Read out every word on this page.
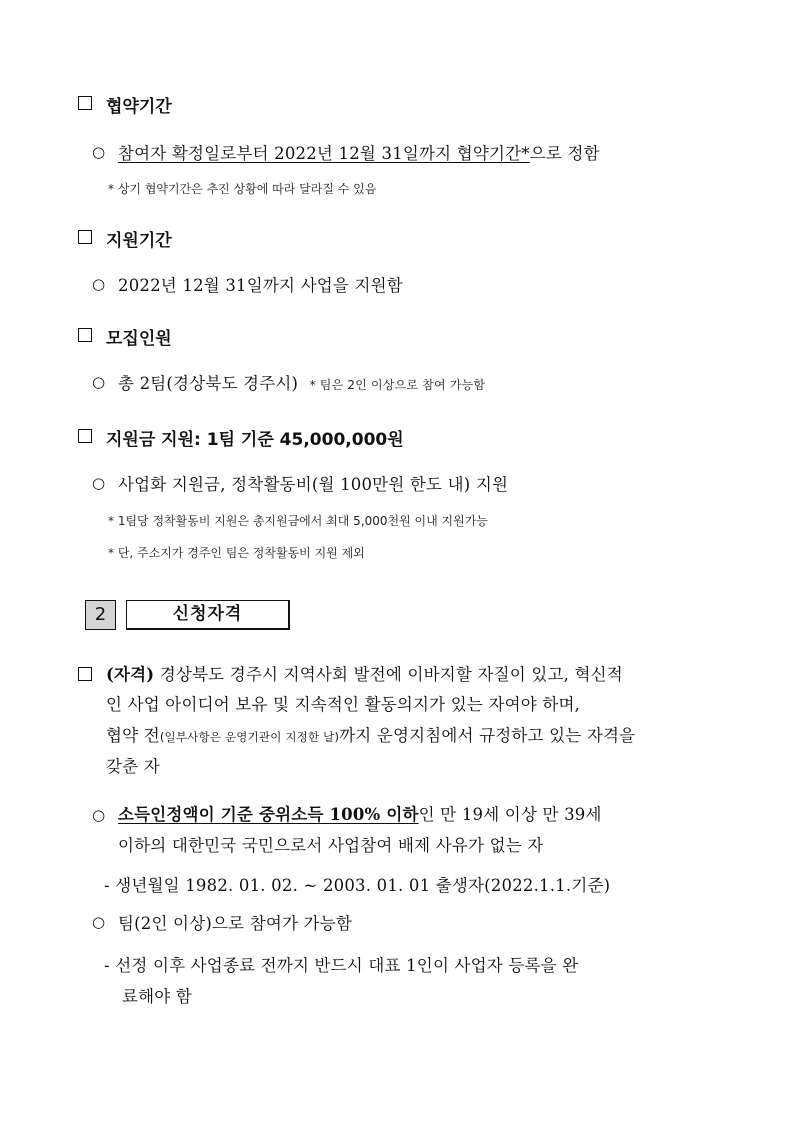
협약기간
○ 참여자 확정일로부터 2022년 12월 31일까지 협약기간*으로 정함
* 상기 협약기간은 추진 상황에 따라 달라질 수 있음
지원기간
○ 2022년 12월 31일까지 사업을 지원함
모집인원
○ 총 2팀(경상북도 경주시) * 팀은 2인 이상으로 참여 가능함
지원금 지원: 1팀 기준 45,000,000원
○ 사업화 지원금, 정착활동비(월 100만원 한도 내) 지원
* 1팀당 정착활동비 지원은 총지원금에서 최대 5,000천원 이내 지원가능
* 단, 주소지가 경주인 팀은 정착활동비 지원 제외
2	신청자격
(자격) 경상북도 경주시 지역사회 발전에 이바지할 자질이 있고, 혁신적
인 사업 아이디어 보유 및 지속적인 활동의지가 있는 자여야 하며,
협약 전(일부사항은 운영기관이 지정한 날)까지 운영지침에서 규정하고 있는 자격을
갖춘 자
○ 소득인정액이 기준 중위소득 100% 이하인 만 19세 이상 만 39세
이하의 대한민국 국민으로서 사업참여 배제 사유가 없는 자
- 생년월일 1982. 01. 02. ~ 2003. 01. 01 출생자(2022.1.1.기준)
○ 팀(2인 이상)으로 참여가 가능함
- 선정 이후 사업종료 전까지 반드시 대표 1인이 사업자 등록을 완
료해야 함
